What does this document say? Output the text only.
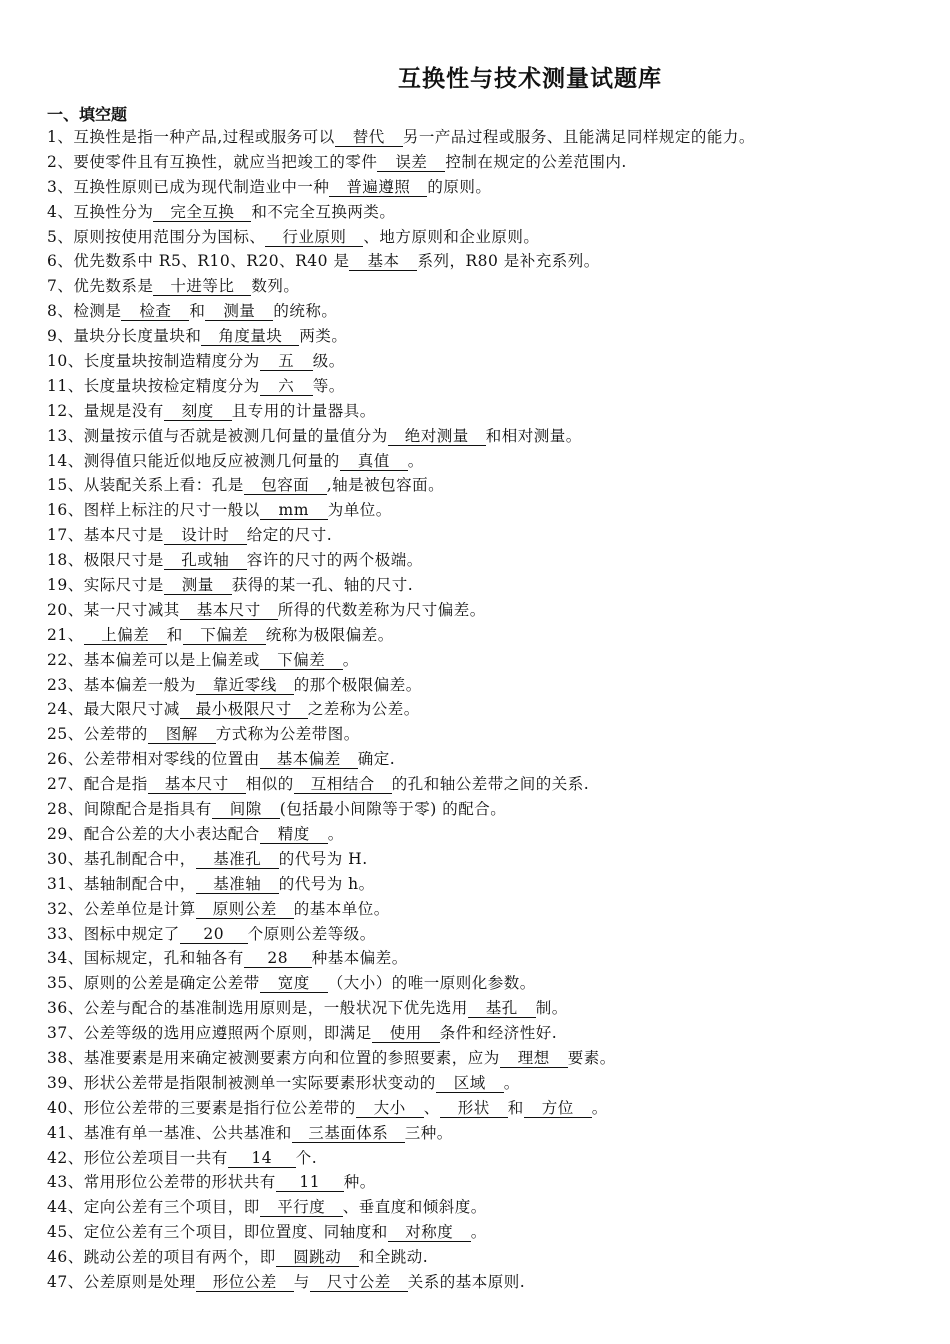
互换性与技术测量试题库
一、填空题
1、互换性是指一种产品,过程或服务可以 替代 另一产品过程或服务、且能满足同样规定的能力。
2、要使零件且有互换性，就应当把竣工的零件 误差 控制在规定的公差范围内.
3、互换性原则已成为现代制造业中一种 普遍遵照 的原则。
4、互换性分为 完全互换 和不完全互换两类。
5、原则按使用范围分为国标、 行业原则 、地方原则和企业原则。
6、优先数系中 R5、R10、R20、R40 是 基本 系列，R80 是补充系列。
7、优先数系是 十进等比 数列。
8、检测是 检查 和 测量 的统称。
9、量块分长度量块和 角度量块 两类。
10、长度量块按制造精度分为 五 级。
11、长度量块按检定精度分为 六 等。
12、量规是没有 刻度 且专用的计量器具。
13、测量按示值与否就是被测几何量的量值分为 绝对测量 和相对测量。
14、测得值只能近似地反应被测几何量的 真值 。
15、从装配关系上看：孔是 包容面 ,轴是被包容面。
16、图样上标注的尺寸一般以 mm 为单位。
17、基本尺寸是 设计时 给定的尺寸.
18、极限尺寸是 孔或轴 容许的尺寸的两个极端。
19、实际尺寸是 测量 获得的某一孔、轴的尺寸.
20、某一尺寸减其 基本尺寸 所得的代数差称为尺寸偏差。
21、 上偏差 和 下偏差 统称为极限偏差。
22、基本偏差可以是上偏差或 下偏差 。
23、基本偏差一般为 靠近零线 的那个极限偏差。
24、最大限尺寸减 最小极限尺寸 之差称为公差。
25、公差带的 图解 方式称为公差带图。
26、公差带相对零线的位置由 基本偏差 确定.
27、配合是指 基本尺寸 相似的 互相结合 的孔和轴公差带之间的关系.
28、间隙配合是指具有 间隙 (包括最小间隙等于零) 的配合。
29、配合公差的大小表达配合 精度 。
30、基孔制配合中， 基准孔 的代号为 H.
31、基轴制配合中， 基准轴 的代号为 h。
32、公差单位是计算 原则公差 的基本单位。
33、图标中规定了 20 个原则公差等级。
34、国标规定，孔和轴各有 28 种基本偏差。
35、原则的公差是确定公差带 宽度 （大小）的唯一原则化参数。
36、公差与配合的基准制选用原则是，一般状况下优先选用 基孔 制。
37、公差等级的选用应遵照两个原则，即满足 使用 条件和经济性好.
38、基准要素是用来确定被测要素方向和位置的参照要素，应为 理想 要素。
39、形状公差带是指限制被测单一实际要素形状变动的 区域 。
40、形位公差带的三要素是指行位公差带的 大小 、 形状 和 方位 。
41、基准有单一基准、公共基准和 三基面体系 三种。
42、形位公差项目一共有 14 个.
43、常用形位公差带的形状共有 11 种。
44、定向公差有三个项目，即 平行度 、垂直度和倾斜度。
45、定位公差有三个项目，即位置度、同轴度和 对称度 。
46、跳动公差的项目有两个，即 圆跳动 和全跳动.
47、公差原则是处理 形位公差 与 尺寸公差 关系的基本原则.
